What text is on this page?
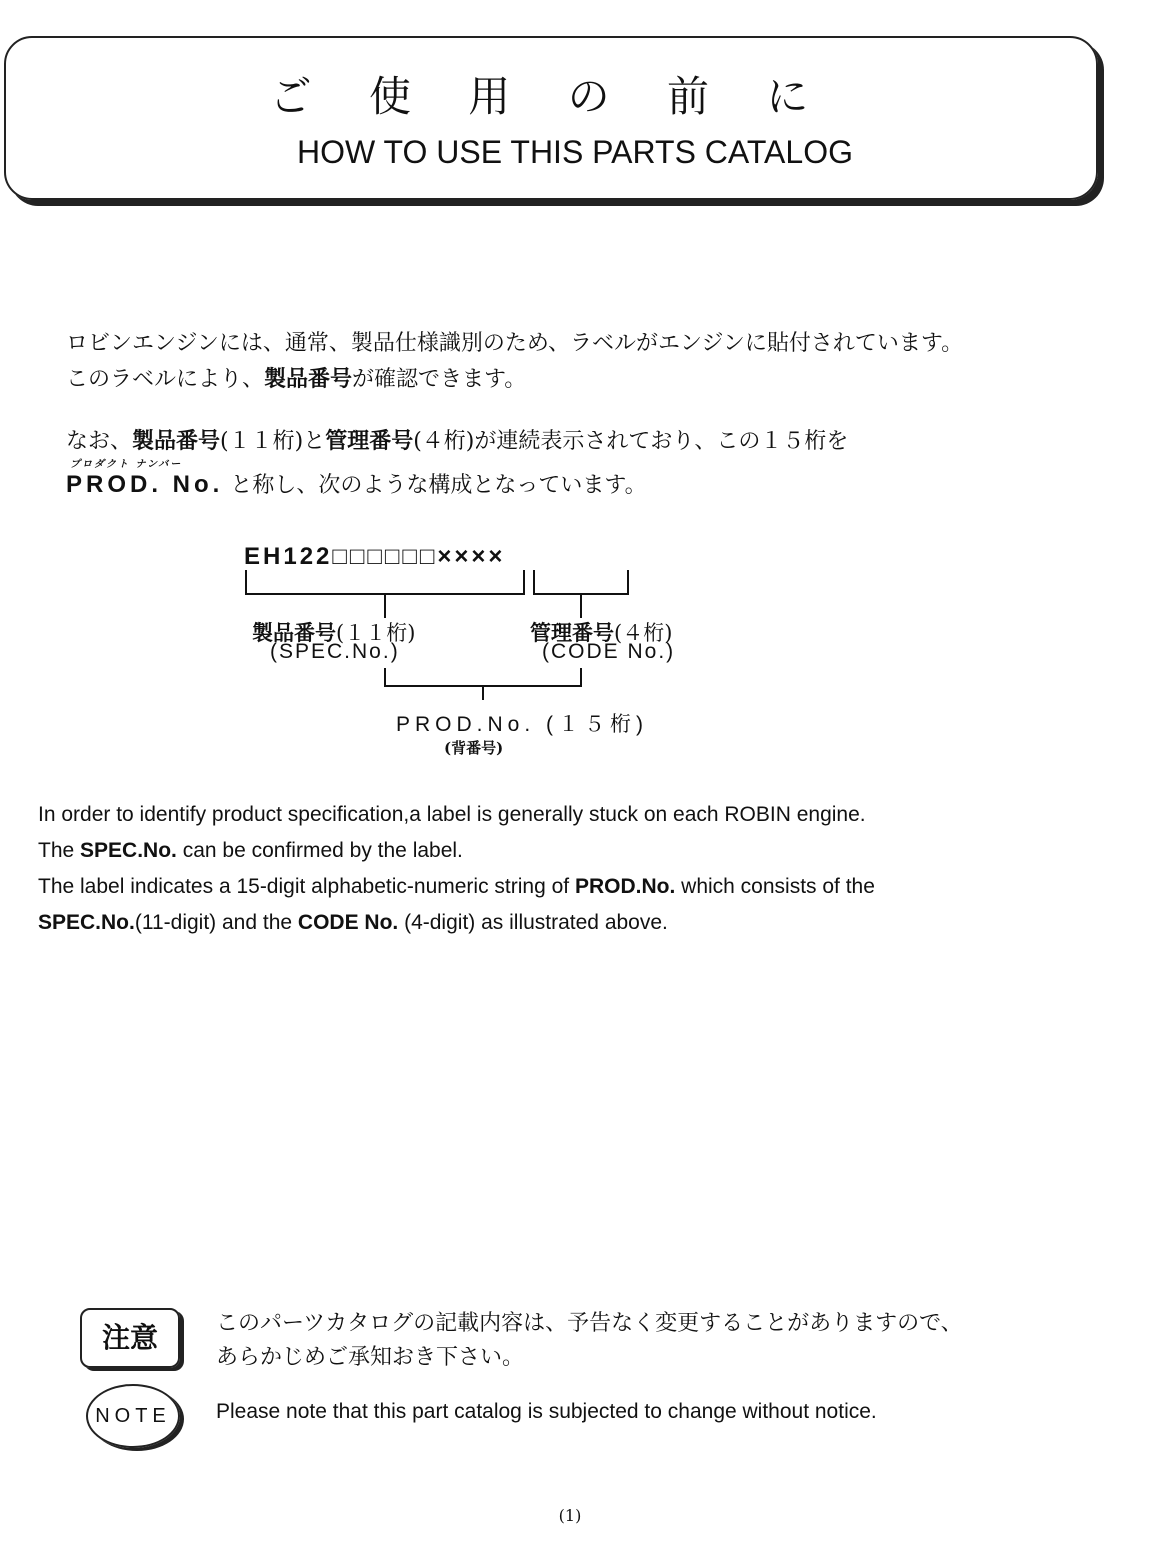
ご 使 用 の 前 に
HOW TO USE THIS PARTS CATALOG
ロビンエンジンには、通常、製品仕様識別のため、ラベルがエンジンに貼付されています。
このラベルにより、製品番号が確認できます。
なお、製品番号(１１桁)と管理番号(４桁)が連続表示されており、この１５桁を
プロダクト ナンバー
PROD. No. と称し、次のような構成となっています。
EH122□□□□□□××××
製品番号(１１桁)
(SPEC.No.)
管理番号(４桁)
(CODE No.)
PROD.No. (１５桁)
(背番号)
In order to identify product specification,a label is generally stuck on each ROBIN engine.
The SPEC.No. can be confirmed by the label.
The label indicates a 15-digit alphabetic-numeric string of PROD.No. which consists of the
SPEC.No.(11-digit) and the CODE No. (4-digit) as illustrated above.
注意	このパーツカタログの記載内容は、予告なく変更することがありますので、
あらかじめご承知おき下さい。
NOTE	Please note that this part catalog is subjected to change without notice.
(1)
